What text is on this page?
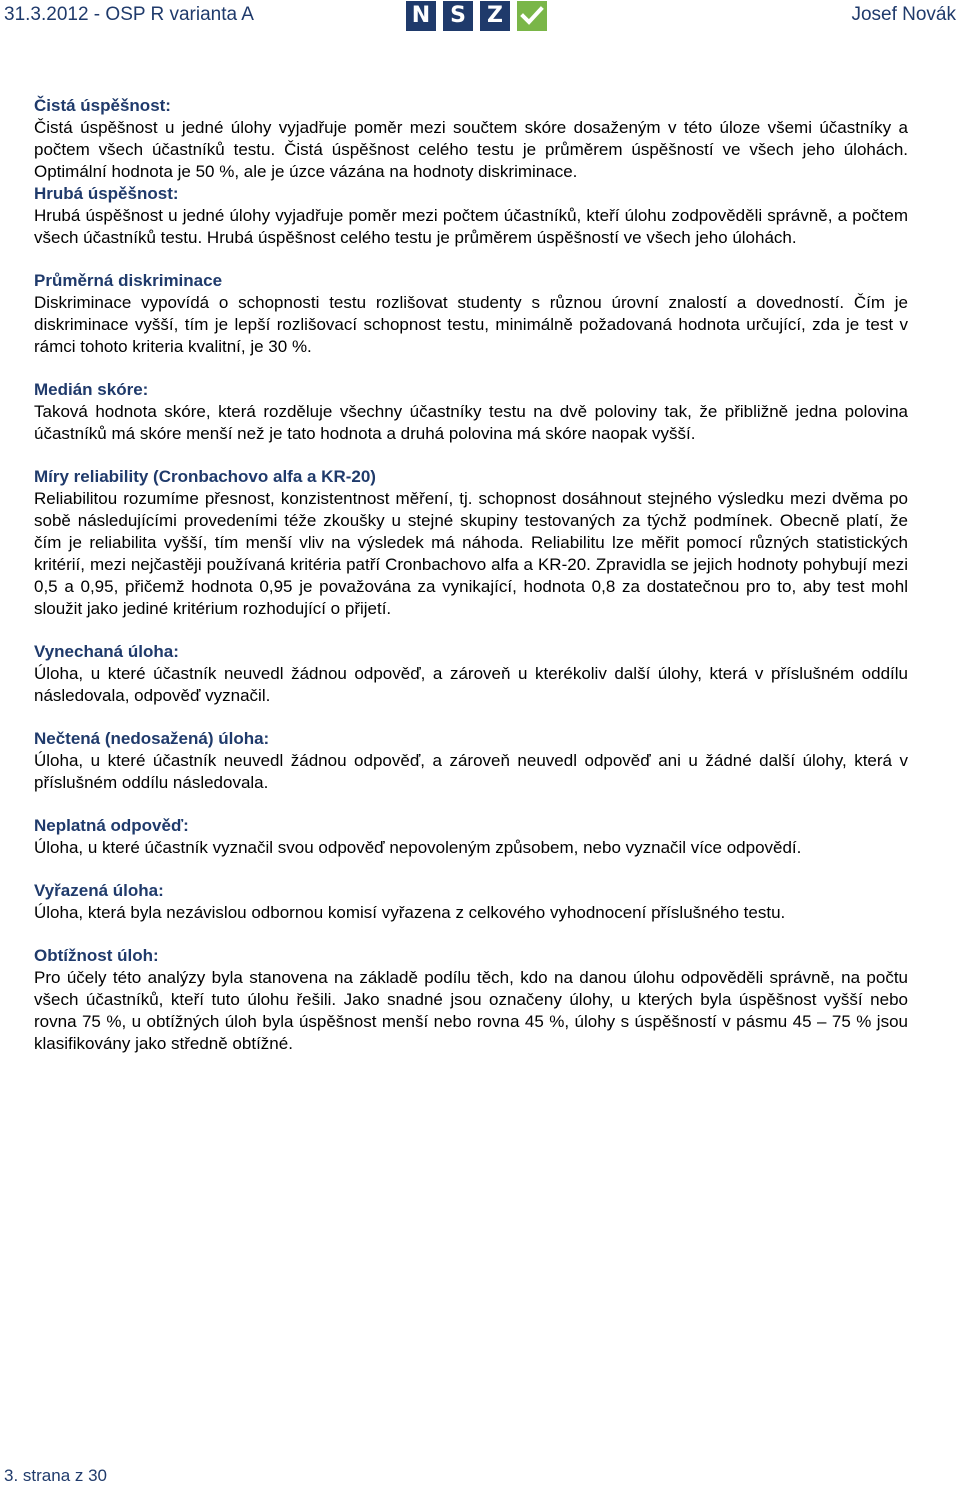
31.3.2012 - OSP R varianta A	N S Z	Josef Novák
Čistá úspěšnost:
Čistá úspěšnost u jedné úlohy vyjadřuje poměr mezi součtem skóre dosaženým v této úloze všemi účastníky a počtem všech účastníků testu. Čistá úspěšnost celého testu je průměrem úspěšností ve všech jeho úlohách. Optimální hodnota je 50 %, ale je úzce vázána na hodnoty diskriminace.
Hrubá úspěšnost:
Hrubá úspěšnost u jedné úlohy vyjadřuje poměr mezi počtem účastníků, kteří úlohu zodpověděli správně, a počtem všech účastníků testu. Hrubá úspěšnost celého testu je průměrem úspěšností ve všech jeho úlohách.
Průměrná diskriminace
Diskriminace vypovídá o schopnosti testu rozlišovat studenty s různou úrovní znalostí a dovedností. Čím je diskriminace vyšší, tím je lepší rozlišovací schopnost testu, minimálně požadovaná hodnota určující, zda je test v rámci tohoto kriteria kvalitní, je 30 %.
Medián skóre:
Taková hodnota skóre, která rozděluje všechny účastníky testu na dvě poloviny tak, že přibližně jedna polovina účastníků má skóre menší než je tato hodnota a druhá polovina má skóre naopak vyšší.
Míry reliability (Cronbachovo alfa a KR-20)
Reliabilitou rozumíme přesnost, konzistentnost měření, tj. schopnost dosáhnout stejného výsledku mezi dvěma po sobě následujícími provedeními téže zkoušky u stejné skupiny testovaných za týchž podmínek. Obecně platí, že čím je reliabilita vyšší, tím menší vliv na výsledek má náhoda. Reliabilitu lze měřit pomocí různých statistických kritérií, mezi nejčastěji používaná kritéria patří Cronbachovo alfa a KR-20. Zpravidla se jejich hodnoty pohybují mezi 0,5 a 0,95, přičemž hodnota 0,95 je považována za vynikající, hodnota 0,8 za dostatečnou pro to, aby test mohl sloužit jako jediné kritérium rozhodující o přijetí.
Vynechaná úloha:
Úloha, u které účastník neuvedl žádnou odpověď, a zároveň u kterékoliv další úlohy, která v příslušném oddílu následovala, odpověď vyznačil.
Nečtená (nedosažená) úloha:
Úloha, u které účastník neuvedl žádnou odpověď, a zároveň neuvedl odpověď ani u žádné další úlohy, která v příslušném oddílu následovala.
Neplatná odpověď:
Úloha, u které účastník vyznačil svou odpověď nepovoleným způsobem, nebo vyznačil více odpovědí.
Vyřazená úloha:
Úloha, která byla nezávislou odbornou komisí vyřazena z celkového vyhodnocení příslušného testu.
Obtížnost úloh:
Pro účely této analýzy byla stanovena na základě podílu těch, kdo na danou úlohu odpověděli správně, na počtu všech účastníků, kteří tuto úlohu řešili. Jako snadné jsou označeny úlohy, u kterých byla úspěšnost vyšší nebo rovna 75 %, u obtížných úloh byla úspěšnost menší nebo rovna 45 %, úlohy s úspěšností v pásmu 45 – 75 % jsou klasifikovány jako středně obtížné.
3. strana z 30
